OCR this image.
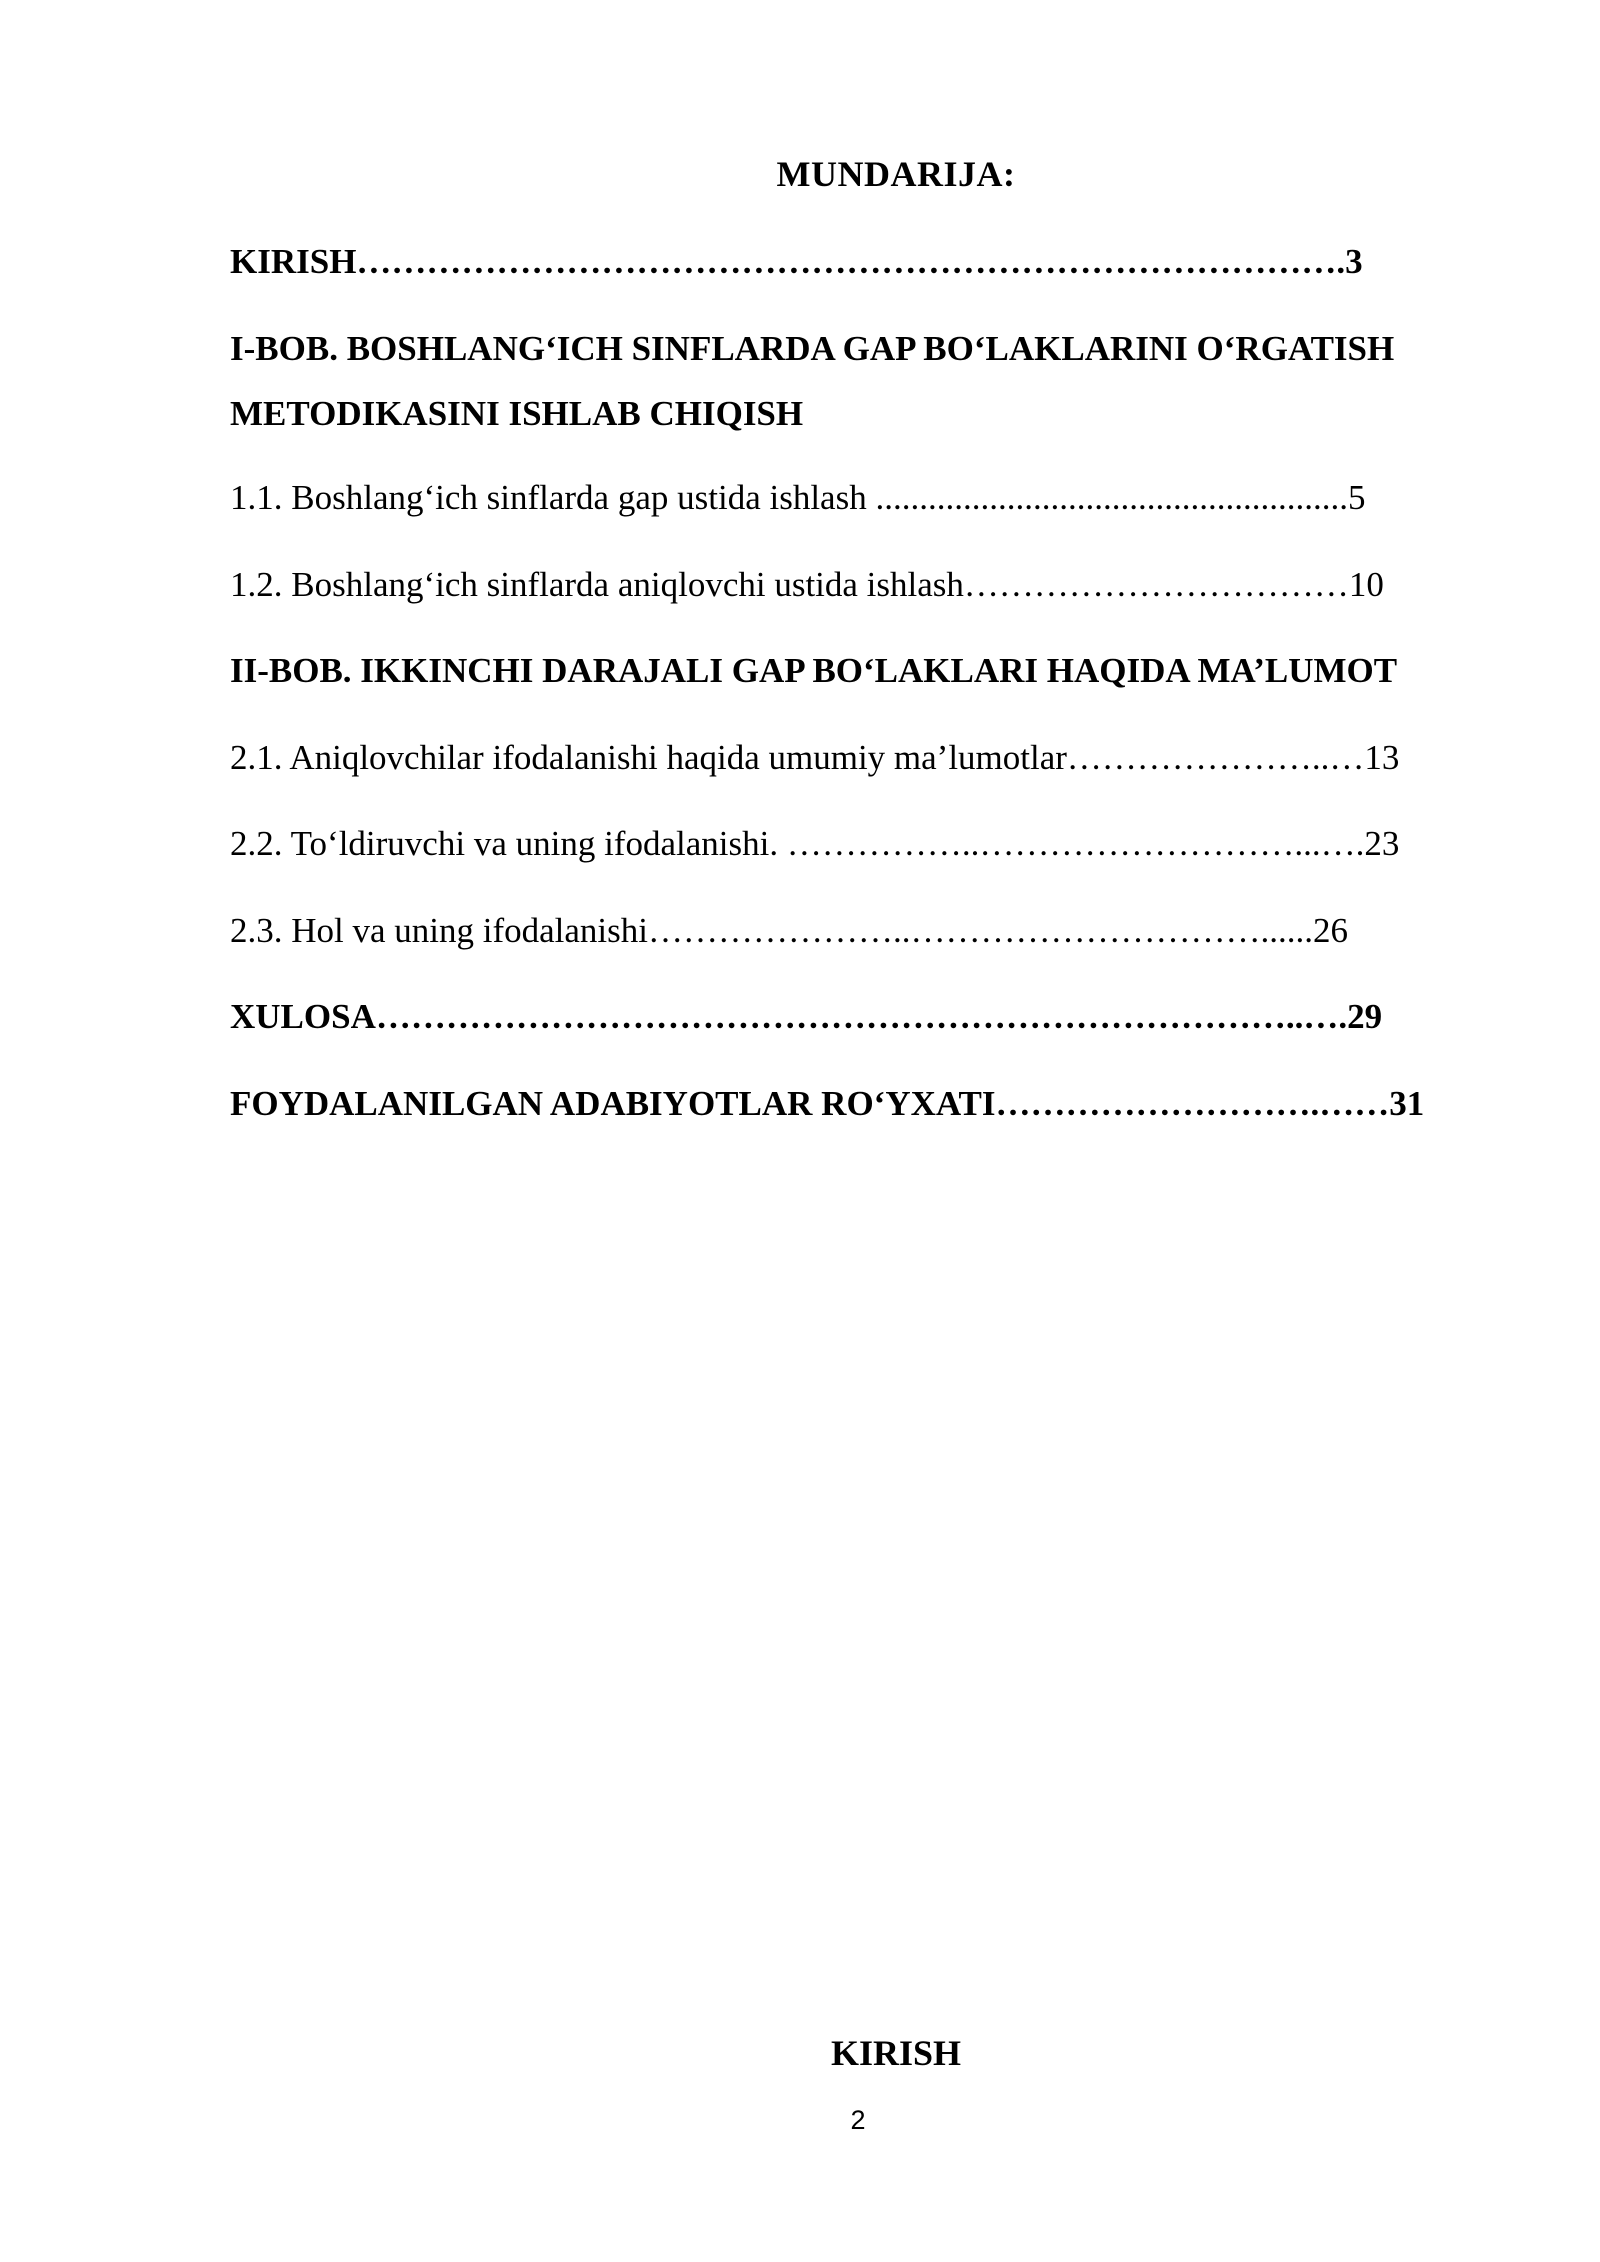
MUNDARIJA:
KIRISH………………………………………………………………………….3
I-BOB. BOSHLANG‘ICH SINFLARDA GAP BO‘LAKLARINI O‘RGATISH METODIKASINI ISHLAB CHIQISH
1.1. Boshlang‘ich sinflarda gap ustida ishlash ......................................................5
1.2. Boshlang‘ich sinflarda aniqlovchi ustida ishlash……………………………10
II-BOB. IKKINCHI DARAJALI GAP BO‘LAKLARI HAQIDA MA’LUMOT
2.1. Aniqlovchilar ifodalanishi haqida umumiy ma’lumotlar…………………..…13
2.2. To‘ldiruvchi va uning ifodalanishi. ……………..………………………...….23
2.3. Hol va uning ifodalanishi…………………..…………………………......26
XULOSA……………………………………………………………………..….29
FOYDALANILGAN ADABIYOTLAR RO‘YXATI……………………….……31
KIRISH
2
